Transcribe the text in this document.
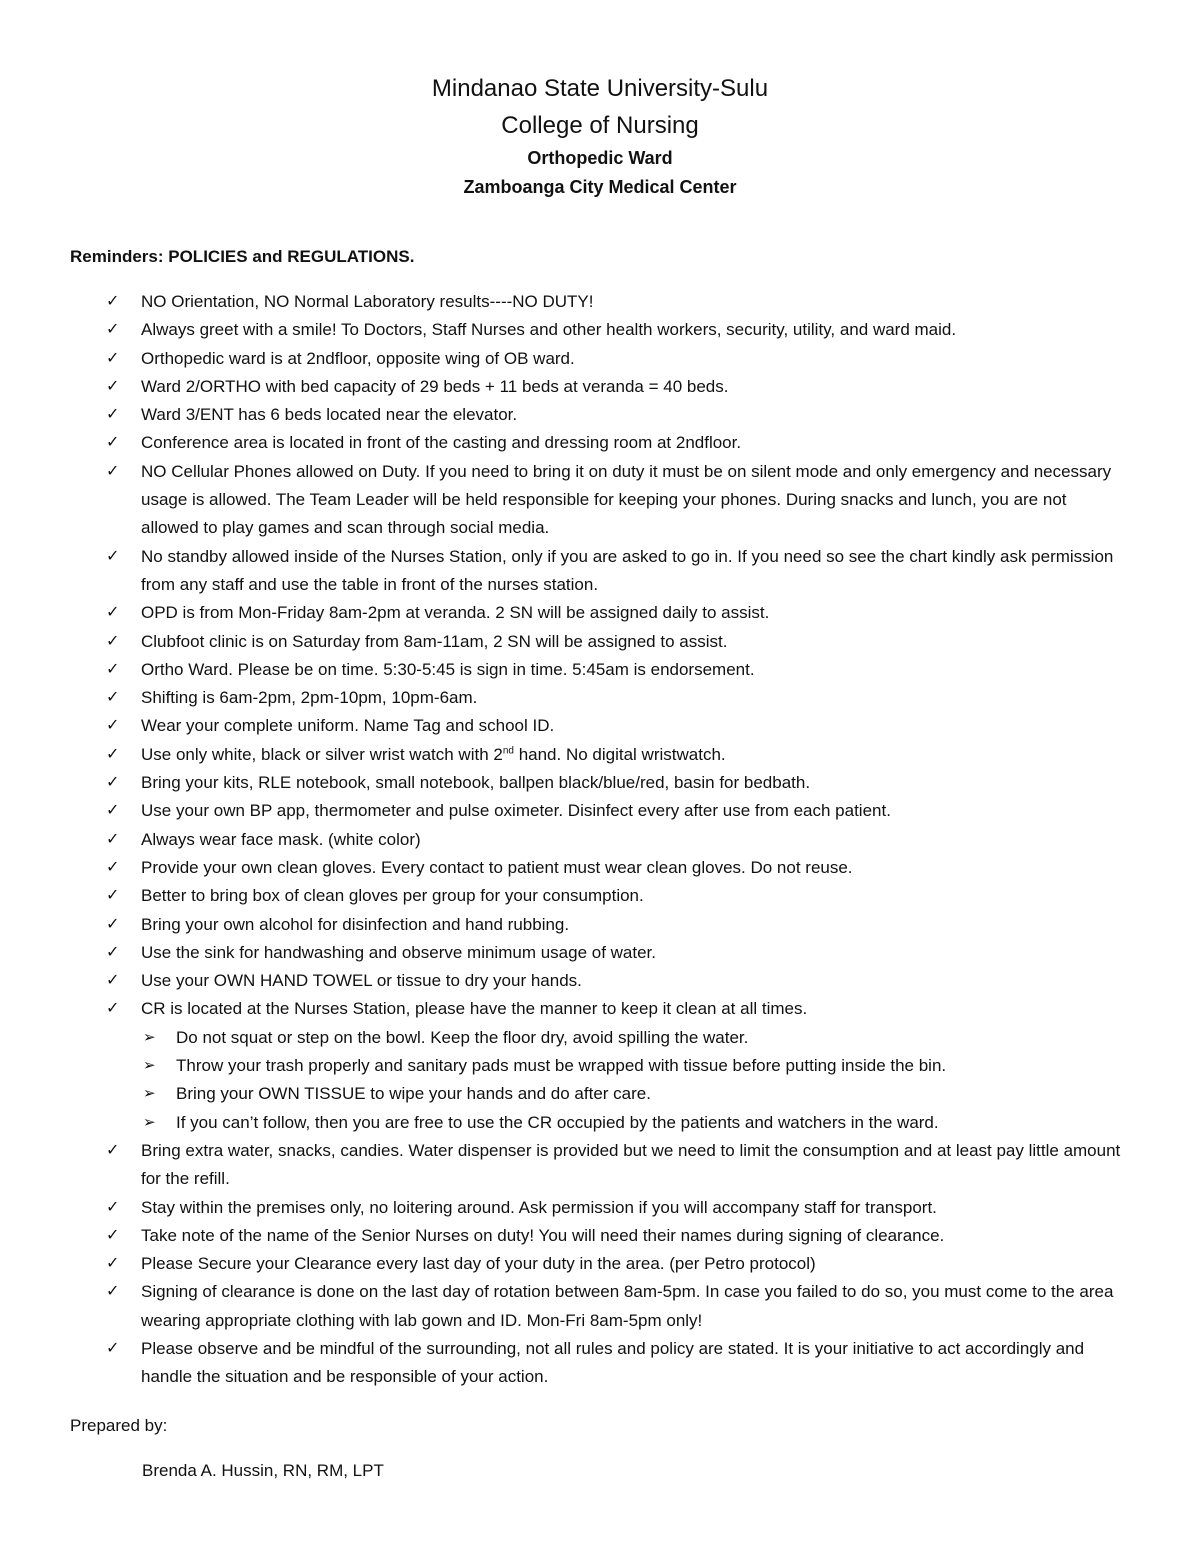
Mindanao State University-Sulu
College of Nursing
Orthopedic Ward
Zamboanga City Medical Center
Reminders: POLICIES and REGULATIONS.
✓	NO Orientation, NO Normal Laboratory results----NO DUTY!
✓	Always greet with a smile! To Doctors, Staff Nurses and other health workers, security, utility, and ward maid.
✓	Orthopedic ward is at 2ndfloor, opposite wing of OB ward.
✓	Ward 2/ORTHO with bed capacity of 29 beds + 11 beds at veranda = 40 beds.
✓	Ward 3/ENT has 6 beds located near the elevator.
✓	Conference area is located in front of the casting and dressing room at 2ndfloor.
✓	NO Cellular Phones allowed on Duty. If you need to bring it on duty it must be on silent mode and only emergency and necessary usage is allowed. The Team Leader will be held responsible for keeping your phones. During snacks and lunch, you are not allowed to play games and scan through social media.
✓	No standby allowed inside of the Nurses Station, only if you are asked to go in. If you need so see the chart kindly ask permission from any staff and use the table in front of the nurses station.
✓	OPD is from Mon-Friday 8am-2pm at veranda. 2 SN will be assigned daily to assist.
✓	Clubfoot clinic is on Saturday from 8am-11am, 2 SN will be assigned to assist.
✓	Ortho Ward. Please be on time. 5:30-5:45 is sign in time. 5:45am is endorsement.
✓	Shifting is 6am-2pm, 2pm-10pm, 10pm-6am.
✓	Wear your complete uniform. Name Tag and school ID.
✓	Use only white, black or silver wrist watch with 2nd hand. No digital wristwatch.
✓	Bring your kits, RLE notebook, small notebook, ballpen black/blue/red, basin for bedbath.
✓	Use your own BP app, thermometer and pulse oximeter. Disinfect every after use from each patient.
✓	Always wear face mask. (white color)
✓	Provide your own clean gloves. Every contact to patient must wear clean gloves. Do not reuse.
✓	Better to bring box of clean gloves per group for your consumption.
✓	Bring your own alcohol for disinfection and hand rubbing.
✓	Use the sink for handwashing and observe minimum usage of water.
✓	Use your OWN HAND TOWEL or tissue to dry your hands.
✓	CR is located at the Nurses Station, please have the manner to keep it clean at all times.
➢	Do not squat or step on the bowl. Keep the floor dry, avoid spilling the water.
➢	Throw your trash properly and sanitary pads must be wrapped with tissue before putting inside the bin.
➢	Bring your OWN TISSUE to wipe your hands and do after care.
➢	If you can’t follow, then you are free to use the CR occupied by the patients and watchers in the ward.
✓	Bring extra water, snacks, candies. Water dispenser is provided but we need to limit the consumption and at least pay little amount for the refill.
✓	Stay within the premises only, no loitering around. Ask permission if you will accompany staff for transport.
✓	Take note of the name of the Senior Nurses on duty! You will need their names during signing of clearance.
✓	Please Secure your Clearance every last day of your duty in the area. (per Petro protocol)
✓	Signing of clearance is done on the last day of rotation between 8am-5pm. In case you failed to do so, you must come to the area wearing appropriate clothing with lab gown and ID. Mon-Fri 8am-5pm only!
✓	Please observe and be mindful of the surrounding, not all rules and policy are stated. It is your initiative to act accordingly and handle the situation and be responsible of your action.
Prepared by:
Brenda A. Hussin, RN, RM, LPT
